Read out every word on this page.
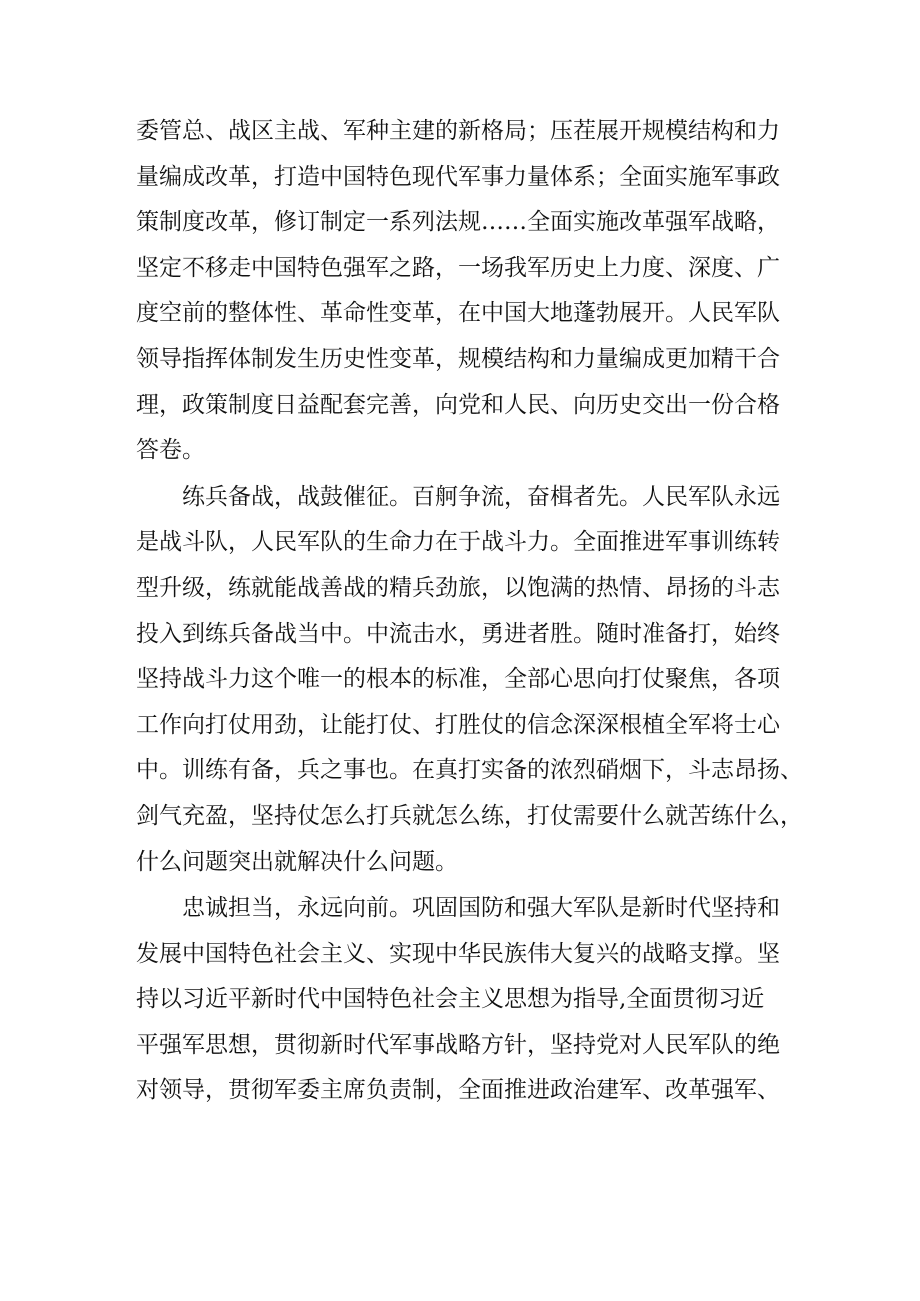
委管总、战区主战、军种主建的新格局；压茬展开规模结构和力
量编成改革，打造中国特色现代军事力量体系；全面实施军事政
策制度改革，修订制定一系列法规……全面实施改革强军战略，
坚定不移走中国特色强军之路，一场我军历史上力度、深度、广
度空前的整体性、革命性变革，在中国大地蓬勃展开。人民军队
领导指挥体制发生历史性变革，规模结构和力量编成更加精干合
理，政策制度日益配套完善，向党和人民、向历史交出一份合格
答卷。
练兵备战，战鼓催征。百舸争流，奋楫者先。人民军队永远
是战斗队，人民军队的生命力在于战斗力。全面推进军事训练转
型升级，练就能战善战的精兵劲旅，以饱满的热情、昂扬的斗志
投入到练兵备战当中。中流击水，勇进者胜。随时准备打，始终
坚持战斗力这个唯一的根本的标准，全部心思向打仗聚焦，各项
工作向打仗用劲，让能打仗、打胜仗的信念深深根植全军将士心
中。训练有备，兵之事也。在真打实备的浓烈硝烟下，斗志昂扬、
剑气充盈，坚持仗怎么打兵就怎么练，打仗需要什么就苦练什么，
什么问题突出就解决什么问题。
忠诚担当，永远向前。巩固国防和强大军队是新时代坚持和
发展中国特色社会主义、实现中华民族伟大复兴的战略支撑。坚
持以习近平新时代中国特色社会主义思想为指导,全面贯彻习近
平强军思想，贯彻新时代军事战略方针，坚持党对人民军队的绝
对领导，贯彻军委主席负责制，全面推进政治建军、改革强军、
